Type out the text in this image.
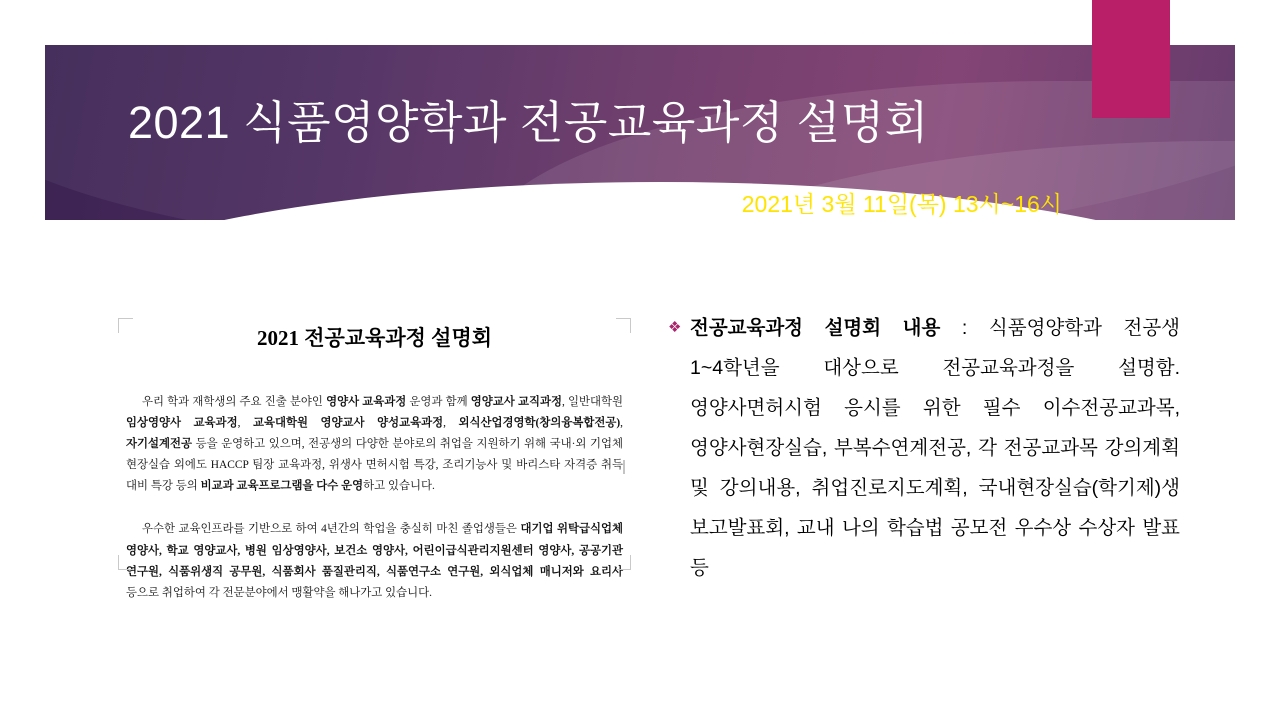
2021 식품영양학과 전공교육과정 설명회
2021년 3월 11일(목) 13시~16시
2021 전공교육과정 설명회
우리 학과 재학생의 주요 진출 분야인 영양사 교육과정 운영과 함께 영양교사 교직과정, 일반대학원 임상영양사 교육과정, 교육대학원 영양교사 양성교육과정, 외식산업경영학(창의융복합전공), 자기설계전공 등을 운영하고 있으며, 전공생의 다양한 분야로의 취업을 지원하기 위해 국내·외 기업체 현장실습 외에도 HACCP 팀장 교육과정, 위생사 면허시험 특강, 조리기능사 및 바리스타 자격증 취득 대비 특강 등의 비교과 교육프로그램을 다수 운영하고 있습니다.
우수한 교육인프라를 기반으로 하여 4년간의 학업을 충실히 마친 졸업생들은 대기업 위탁급식업체 영양사, 학교 영양교사, 병원 임상영양사, 보건소 영양사, 어린이급식관리지원센터 영양사, 공공기관 연구원, 식품위생직 공무원, 식품회사 품질관리직, 식품연구소 연구원, 외식업체 매니저와 요리사 등으로 취업하여 각 전문분야에서 맹활약을 해나가고 있습니다.
❖ 전공교육과정 설명회 내용 : 식품영양학과 전공생 1~4학년을 대상으로 전공교육과정을 설명함. 영양사면허시험 응시를 위한 필수 이수전공교과목, 영양사현장실습, 부복수연계전공, 각 전공교과목 강의계획 및 강의내용, 취업진로지도계획, 국내현장실습(학기제)생 보고발표회, 교내 나의 학습법 공모전 우수상 수상자 발표 등
